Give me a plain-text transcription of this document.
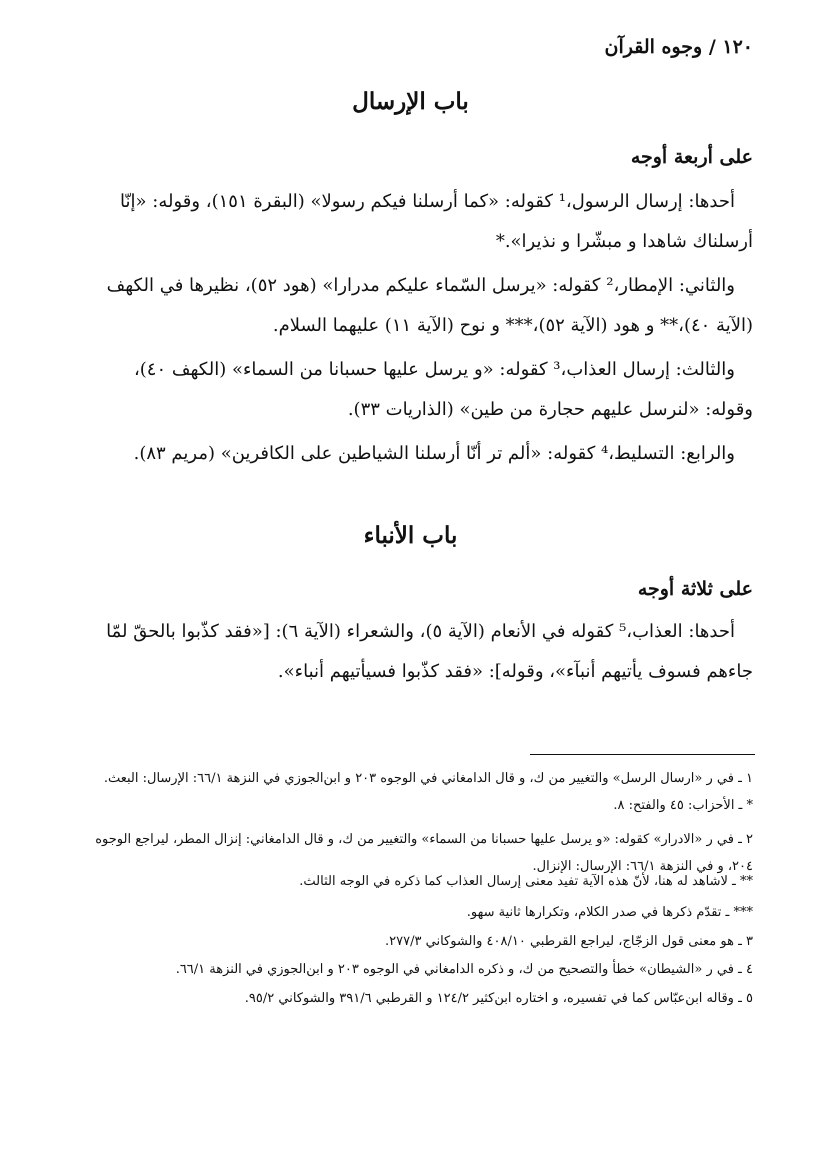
١٢٠ / وجوه القرآن
باب الإرسال
على أربعة أوجه

أحدها: إرسال الرسول،¹ كقوله: «كما أرسلنا فيكم رسولا» (البقرة ١٥١)، وقوله: «إنّا
أرسلناك شاهدا و مبشّرا و نذيرا».*

والثاني: الإمطار،² كقوله: «يرسل السّماء عليكم مدرارا» (هود ٥٢)، نظيرها في الكهف
(الآية ٤٠)،** و هود (الآية ٥٢)،*** و نوح (الآية ١١) عليهما السلام.

والثالث: إرسال العذاب،³ كقوله: «و يرسل عليها حسبانا من السماء» (الكهف ٤٠)،
وقوله: «لنرسل عليهم حجارة من طين» (الذاريات ٣٣).

والرابع: التسليط،⁴ كقوله: «ألم تر أنّا أرسلنا الشياطين على الكافرين» (مريم ٨٣).

باب الأنباء
على ثلاثة أوجه

أحدها: العذاب،⁵ كقوله في الأنعام (الآية ٥)، والشعراء (الآية ٦): [«فقد كذّبوا بالحقّ لمّا
جاءهم فسوف يأتيهم أنبآء»، وقوله]: «فقد كذّبوا فسيأتيهم أنباء».

١ ـ في ر «ارسال الرسل» والتغيير من ك، و قال الدامغاني في الوجوه ٢٠٣ و ابن‌الجوزي في النزهة ٦٦/١: الإرسال: البعث.
* ـ الأحزاب: ٤٥ والفتح: ٨.
٢ ـ في ر «الادرار» كقوله: «و يرسل عليها حسبانا من السماء» والتغيير من ك، و قال الدامغاني: إنزال المطر، ليراجع الوجوه
٢٠٤، و في النزهة ٦٦/١: الإرسال: الإنزال.
** ـ لاشاهد له هنا، لأنّ هذه الآية تفيد معنى إرسال العذاب كما ذكره في الوجه الثالث.
*** ـ تقدّم ذكرها في صدر الكلام، وتكرارها ثانية سهو.
٣ ـ هو معنى قول الزجّاج، ليراجع القرطبي ٤٠٨/١٠ والشوكاني ٢٧٧/٣.
٤ ـ في ر «الشيطان» خطأ والتصحيح من ك، و ذكره الدامغاني في الوجوه ٢٠٣ و ابن‌الجوزي في النزهة ٦٦/١.
٥ ـ وقاله ابن‌عبّاس كما في تفسيره، و اختاره ابن‌كثير ١٢٤/٢ و القرطبي ٣٩١/٦ والشوكاني ٩٥/٢.
